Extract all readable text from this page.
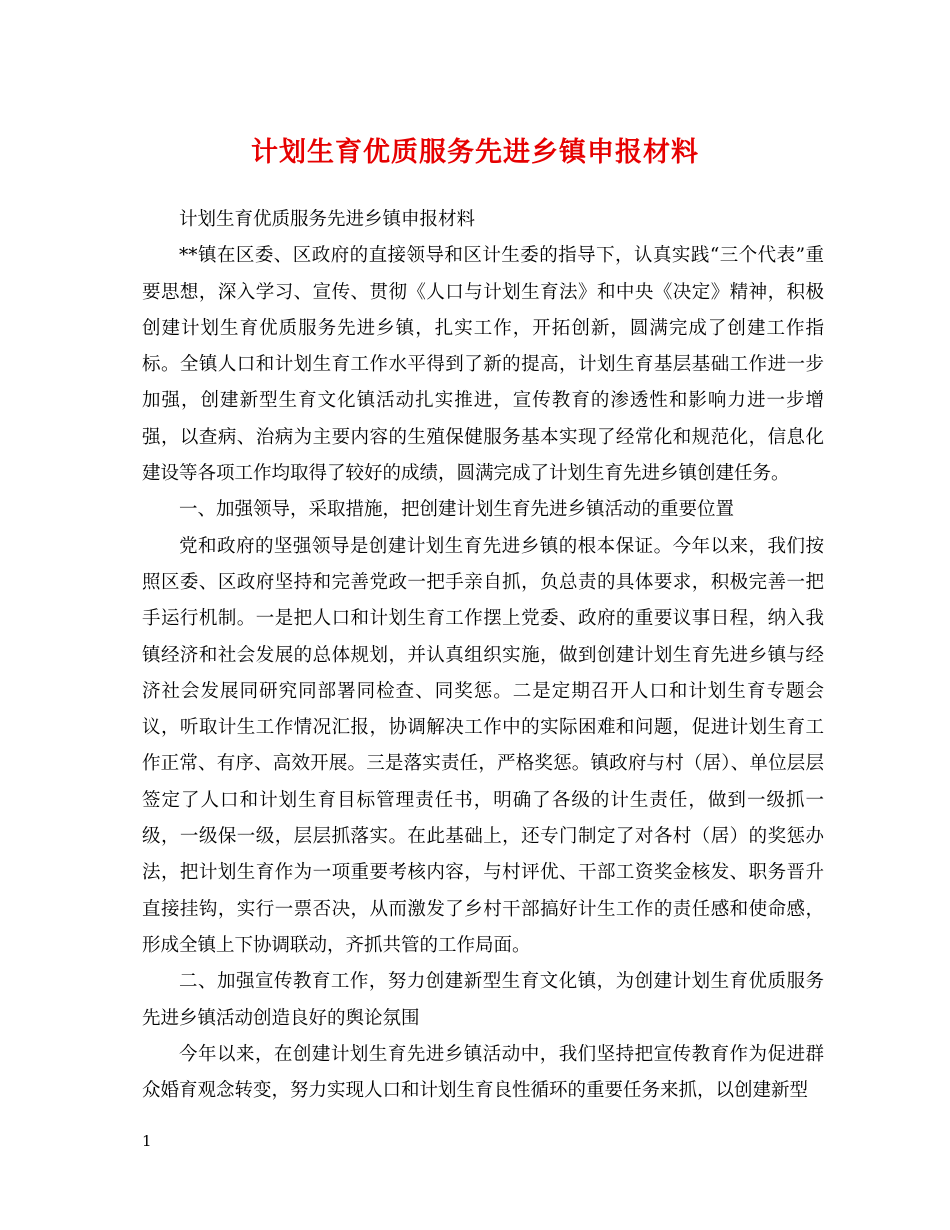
计划生育优质服务先进乡镇申报材料

计划生育优质服务先进乡镇申报材料

**镇在区委、区政府的直接领导和区计生委的指导下，认真实践“三个代表”重要思想，深入学习、宣传、贯彻《人口与计划生育法》和中央《决定》精神，积极创建计划生育优质服务先进乡镇，扎实工作，开拓创新，圆满完成了创建工作指标。全镇人口和计划生育工作水平得到了新的提高，计划生育基层基础工作进一步加强，创建新型生育文化镇活动扎实推进，宣传教育的渗透性和影响力进一步增强，以查病、治病为主要内容的生殖保健服务基本实现了经常化和规范化，信息化建设等各项工作均取得了较好的成绩，圆满完成了计划生育先进乡镇创建任务。

一、加强领导，采取措施，把创建计划生育先进乡镇活动的重要位置

党和政府的坚强领导是创建计划生育先进乡镇的根本保证。今年以来，我们按照区委、区政府坚持和完善党政一把手亲自抓，负总责的具体要求，积极完善一把手运行机制。一是把人口和计划生育工作摆上党委、政府的重要议事日程，纳入我镇经济和社会发展的总体规划，并认真组织实施，做到创建计划生育先进乡镇与经济社会发展同研究同部署同检查、同奖惩。二是定期召开人口和计划生育专题会议，听取计生工作情况汇报，协调解决工作中的实际困难和问题，促进计划生育工作正常、有序、高效开展。三是落实责任，严格奖惩。镇政府与村（居）、单位层层签定了人口和计划生育目标管理责任书，明确了各级的计生责任，做到一级抓一级，一级保一级，层层抓落实。在此基础上，还专门制定了对各村（居）的奖惩办法，把计划生育作为一项重要考核内容，与村评优、干部工资奖金核发、职务晋升直接挂钩，实行一票否决，从而激发了乡村干部搞好计生工作的责任感和使命感，形成全镇上下协调联动，齐抓共管的工作局面。

二、加强宣传教育工作，努力创建新型生育文化镇，为创建计划生育优质服务先进乡镇活动创造良好的舆论氛围

今年以来，在创建计划生育先进乡镇活动中，我们坚持把宣传教育作为促进群众婚育观念转变，努力实现人口和计划生育良性循环的重要任务来抓，以创建新型

1
